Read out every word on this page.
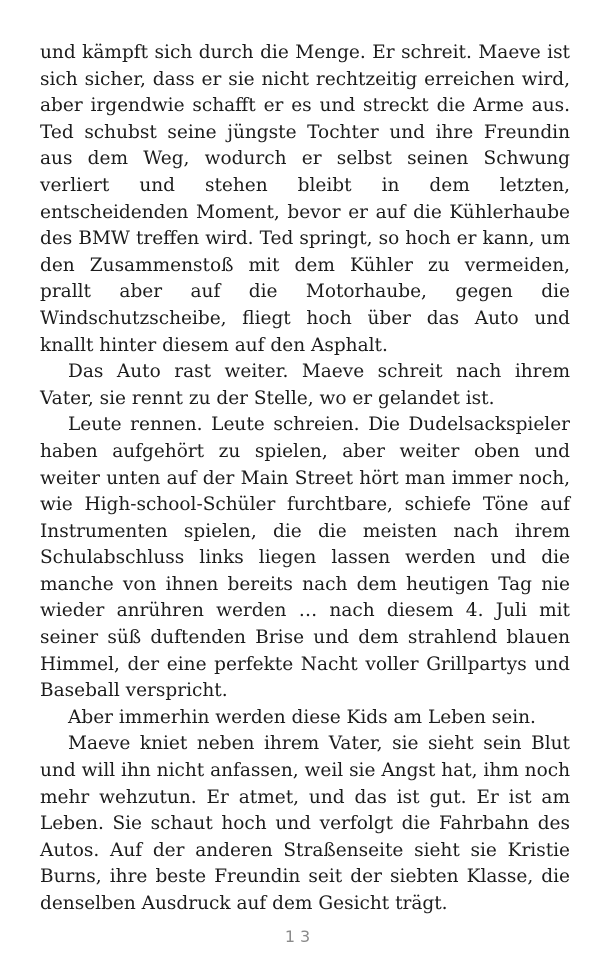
und kämpft sich durch die Menge. Er schreit. Maeve ist sich sicher, dass er sie nicht rechtzeitig erreichen wird, aber irgendwie schafft er es und streckt die Arme aus. Ted schubst seine jüngste Tochter und ihre Freundin aus dem Weg, wodurch er selbst seinen Schwung verliert und stehen bleibt in dem letzten, entscheidenden Moment, bevor er auf die Kühlerhaube des BMW treffen wird. Ted springt, so hoch er kann, um den Zusammenstoß mit dem Kühler zu vermeiden, prallt aber auf die Motorhaube, gegen die Windschutzscheibe, fliegt hoch über das Auto und knallt hinter diesem auf den Asphalt.

Das Auto rast weiter. Maeve schreit nach ihrem Vater, sie rennt zu der Stelle, wo er gelandet ist.

Leute rennen. Leute schreien. Die Dudelsackspieler haben aufgehört zu spielen, aber weiter oben und weiter unten auf der Main Street hört man immer noch, wie High-school-Schüler furchtbare, schiefe Töne auf Instrumenten spielen, die die meisten nach ihrem Schulabschluss links liegen lassen werden und die manche von ihnen bereits nach dem heutigen Tag nie wieder anrühren werden … nach diesem 4. Juli mit seiner süß duftenden Brise und dem strahlend blauen Himmel, der eine perfekte Nacht voller Grillpartys und Baseball verspricht.

Aber immerhin werden diese Kids am Leben sein.

Maeve kniet neben ihrem Vater, sie sieht sein Blut und will ihn nicht anfassen, weil sie Angst hat, ihm noch mehr wehzutun. Er atmet, und das ist gut. Er ist am Leben. Sie schaut hoch und verfolgt die Fahrbahn des Autos. Auf der anderen Straßenseite sieht sie Kristie Burns, ihre beste Freundin seit der siebten Klasse, die denselben Ausdruck auf dem Gesicht trägt.

13
